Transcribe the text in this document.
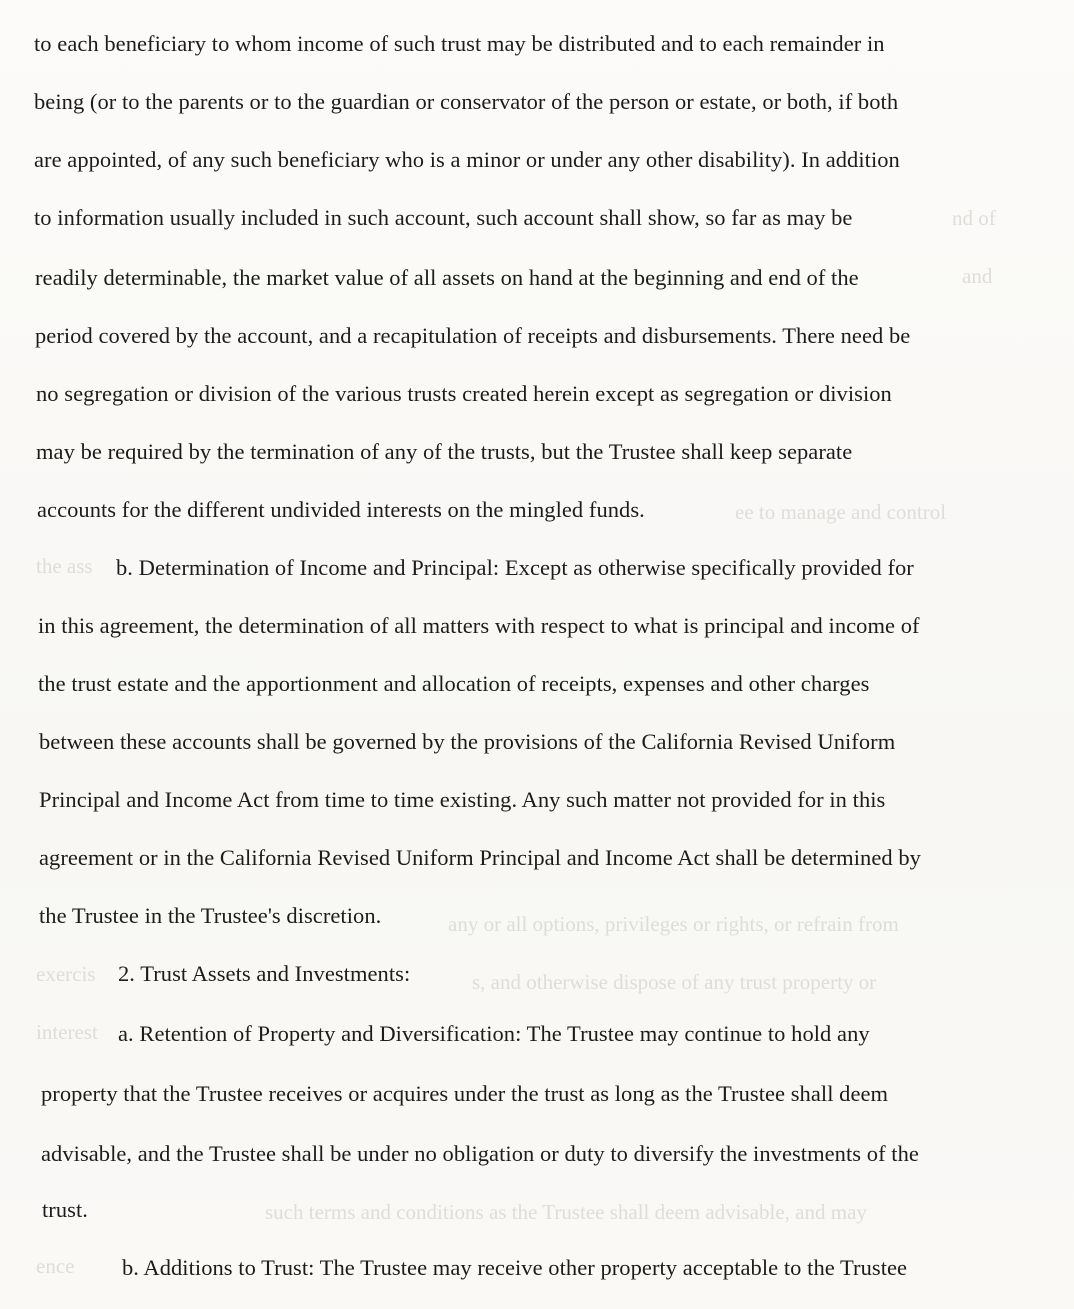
nd of
and
ee to manage and control
the ass
any or all options, privileges or rights, or refrain from
exercis	s, and otherwise dispose of any trust property or
interest
such terms and conditions as the Trustee shall deem advisable, and may
ence
to each beneficiary to whom income of such trust may be distributed and to each remainder in
being (or to the parents or to the guardian or conservator of the person or estate, or both, if both
are appointed, of any such beneficiary who is a minor or under any other disability). In addition
to information usually included in such account, such account shall show, so far as may be
readily determinable, the market value of all assets on hand at the beginning and end of the
period covered by the account, and a recapitulation of receipts and disbursements. There need be
no segregation or division of the various trusts created herein except as segregation or division
may be required by the termination of any of the trusts, but the Trustee shall keep separate
accounts for the different undivided interests on the mingled funds.
b. Determination of Income and Principal: Except as otherwise specifically provided for
in this agreement, the determination of all matters with respect to what is principal and income of
the trust estate and the apportionment and allocation of receipts, expenses and other charges
between these accounts shall be governed by the provisions of the California Revised Uniform
Principal and Income Act from time to time existing. Any such matter not provided for in this
agreement or in the California Revised Uniform Principal and Income Act shall be determined by
the Trustee in the Trustee's discretion.
2. Trust Assets and Investments:
a. Retention of Property and Diversification: The Trustee may continue to hold any
property that the Trustee receives or acquires under the trust as long as the Trustee shall deem
advisable, and the Trustee shall be under no obligation or duty to diversify the investments of the
trust.
b. Additions to Trust: The Trustee may receive other property acceptable to the Trustee
